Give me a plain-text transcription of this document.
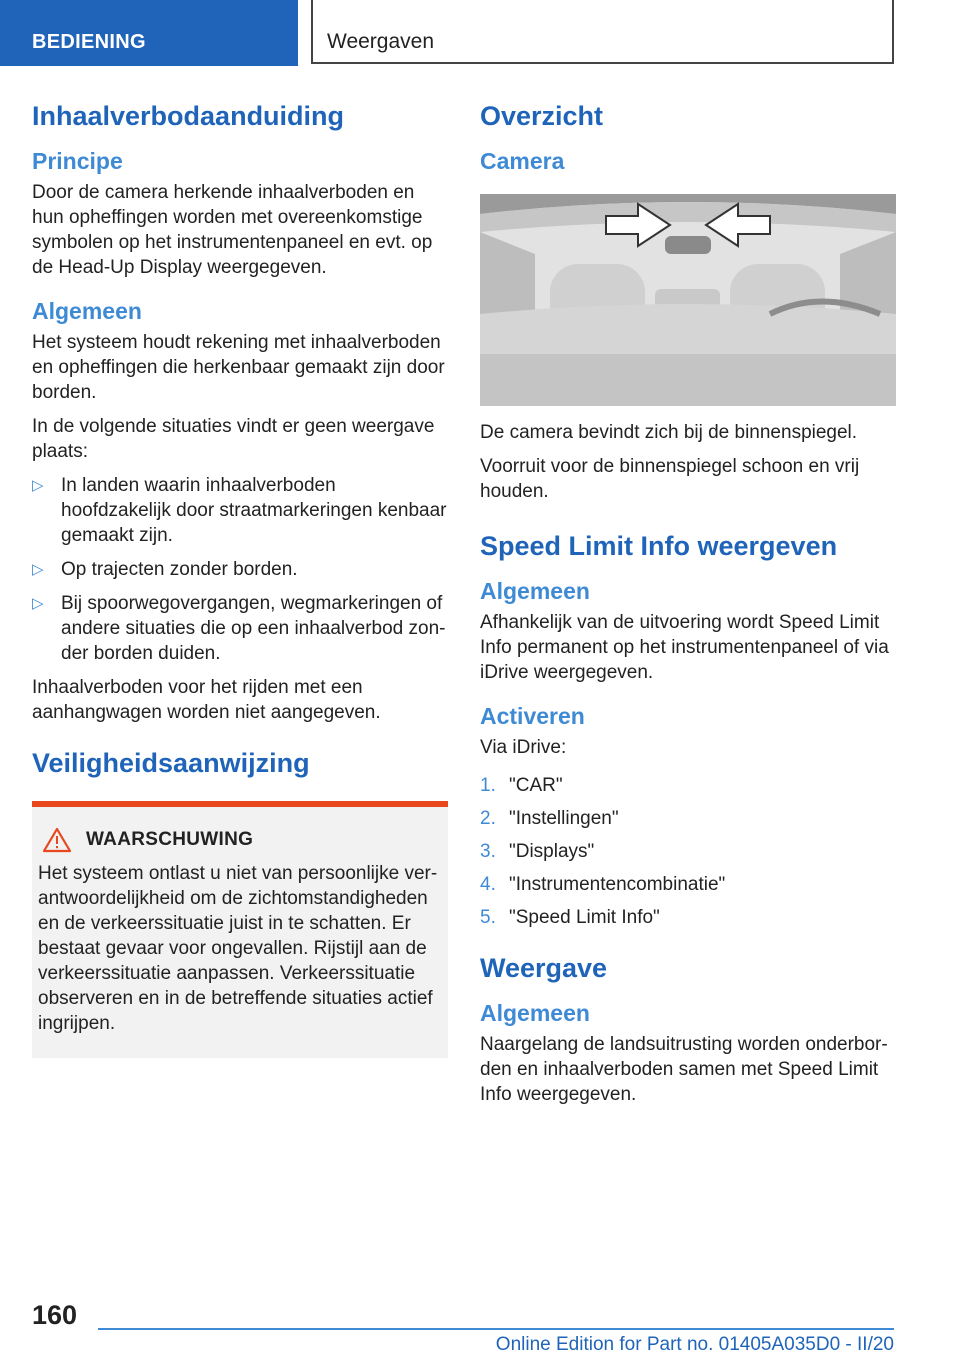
BEDIENING	Weergaven
Inhaalverbodaanduiding
Principe

Door de camera herkende inhaalverboden en hun opheffingen worden met overeenkomstige symbolen op het instrumentenpaneel en evt. op de Head-Up Display weergegeven.

Algemeen

Het systeem houdt rekening met inhaalverboden en opheffingen die herkenbaar gemaakt zijn door borden.

In de volgende situaties vindt er geen weergave plaats:

▷ In landen waarin inhaalverboden hoofdzakelijk door straatmarkeringen kenbaar gemaakt zijn.
▷ Op trajecten zonder borden.
▷ Bij spoorwegovergangen, wegmarkeringen of andere situaties die op een inhaalverbod zonder borden duiden.

Inhaalverboden voor het rijden met een aanhangwagen worden niet aangegeven.

Veiligheidsaanwijzing
WAARSCHUWING

Het systeem ontlast u niet van persoonlijke verantwoordelijkheid om de zichtomstandigheden en de verkeerssituatie juist in te schatten. Er bestaat gevaar voor ongevallen. Rijstijl aan de verkeerssituatie aanpassen. Verkeerssituatie observeren en in de betreffende situaties actief ingrijpen.

Overzicht
Camera

De camera bevindt zich bij de binnenspiegel.

Voorruit voor de binnenspiegel schoon en vrij houden.

Speed Limit Info weergeven
Algemeen

Afhankelijk van de uitvoering wordt Speed Limit Info permanent op het instrumentenpaneel of via iDrive weergegeven.

Activeren

Via iDrive:

1. "CAR"
2. "Instellingen"
3. "Displays"
4. "Instrumentencombinatie"
5. "Speed Limit Info"
Weergave
Algemeen

Naargelang de landsuitrusting worden onderborden en inhaalverboden samen met Speed Limit Info weergegeven.

160
Online Edition for Part no. 01405A035D0 - II/20
